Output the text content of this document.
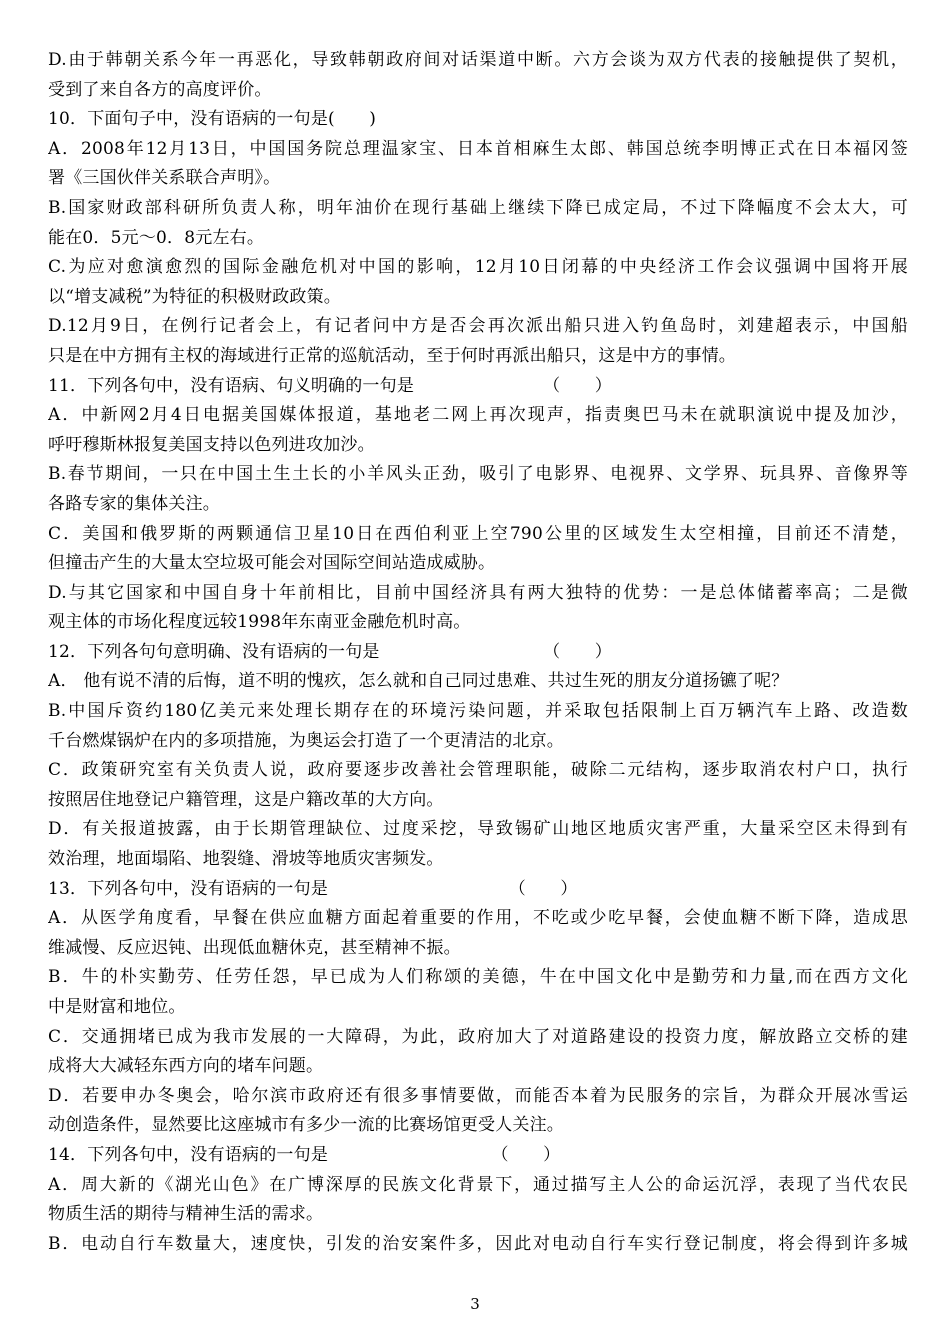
D.由于韩朝关系今年一再恶化，导致韩朝政府间对话渠道中断。六方会谈为双方代表的接触提供了契机，
受到了来自各方的高度评价。
10．下面句子中，没有语病的一句是(　　)
A．2008年12月13日，中国国务院总理温家宝、日本首相麻生太郎、韩国总统李明博正式在日本福冈签
署《三国伙伴关系联合声明》。
B.国家财政部科研所负责人称，明年油价在现行基础上继续下降已成定局，不过下降幅度不会太大，可
能在0．5元～0．8元左右。
C.为应对愈演愈烈的国际金融危机对中国的影响，12月10日闭幕的中央经济工作会议强调中国将开展
以“增支减税”为特征的积极财政政策。
D.12月9日，在例行记者会上，有记者问中方是否会再次派出船只进入钓鱼岛时，刘建超表示，中国船
只是在中方拥有主权的海域进行正常的巡航活动，至于何时再派出船只，这是中方的事情。
11．下列各句中，没有语病、句义明确的一句是　　　　　　　　（　　）
A．中新网2月4日电据美国媒体报道，基地老二网上再次现声，指责奥巴马未在就职演说中提及加沙，
呼吁穆斯林报复美国支持以色列进攻加沙。
B.春节期间，一只在中国土生土长的小羊风头正劲，吸引了电影界、电视界、文学界、玩具界、音像界等
各路专家的集体关注。
C．美国和俄罗斯的两颗通信卫星10日在西伯利亚上空790公里的区域发生太空相撞，目前还不清楚，
但撞击产生的大量太空垃圾可能会对国际空间站造成威胁。
D.与其它国家和中国自身十年前相比，目前中国经济具有两大独特的优势：一是总体储蓄率高；二是微
观主体的市场化程度远较1998年东南亚金融危机时高。
12．下列各句句意明确、没有语病的一句是　　　　　　　　　　（　　）
A． 他有说不清的后悔，道不明的愧疚，怎么就和自己同过患难、共过生死的朋友分道扬镳了呢？
B.中国斥资约180亿美元来处理长期存在的环境污染问题，并采取包括限制上百万辆汽车上路、改造数
千台燃煤锅炉在内的多项措施，为奥运会打造了一个更清洁的北京。
C．政策研究室有关负责人说，政府要逐步改善社会管理职能，破除二元结构，逐步取消农村户口，执行
按照居住地登记户籍管理，这是户籍改革的大方向。
D．有关报道披露，由于长期管理缺位、过度采挖，导致锡矿山地区地质灾害严重，大量采空区未得到有
效治理，地面塌陷、地裂缝、滑坡等地质灾害频发。
13．下列各句中，没有语病的一句是　　　　　　　　　　　（　　）
A．从医学角度看，早餐在供应血糖方面起着重要的作用，不吃或少吃早餐，会使血糖不断下降，造成思
维减慢、反应迟钝、出现低血糖休克，甚至精神不振。
B．牛的朴实勤劳、任劳任怨，早已成为人们称颂的美德，牛在中国文化中是勤劳和力量,而在西方文化
中是财富和地位。
C．交通拥堵已成为我市发展的一大障碍，为此，政府加大了对道路建设的投资力度，解放路立交桥的建
成将大大减轻东西方向的堵车问题。
D．若要申办冬奥会，哈尔滨市政府还有很多事情要做，而能否本着为民服务的宗旨，为群众开展冰雪运
动创造条件，显然要比这座城市有多少一流的比赛场馆更受人关注。
14．下列各句中，没有语病的一句是　　　　　　　　　　（　　）
A．周大新的《湖光山色》在广博深厚的民族文化背景下，通过描写主人公的命运沉浮，表现了当代农民
物质生活的期待与精神生活的需求。
B．电动自行车数量大，速度快，引发的治安案件多，因此对电动自行车实行登记制度，将会得到许多城
3
